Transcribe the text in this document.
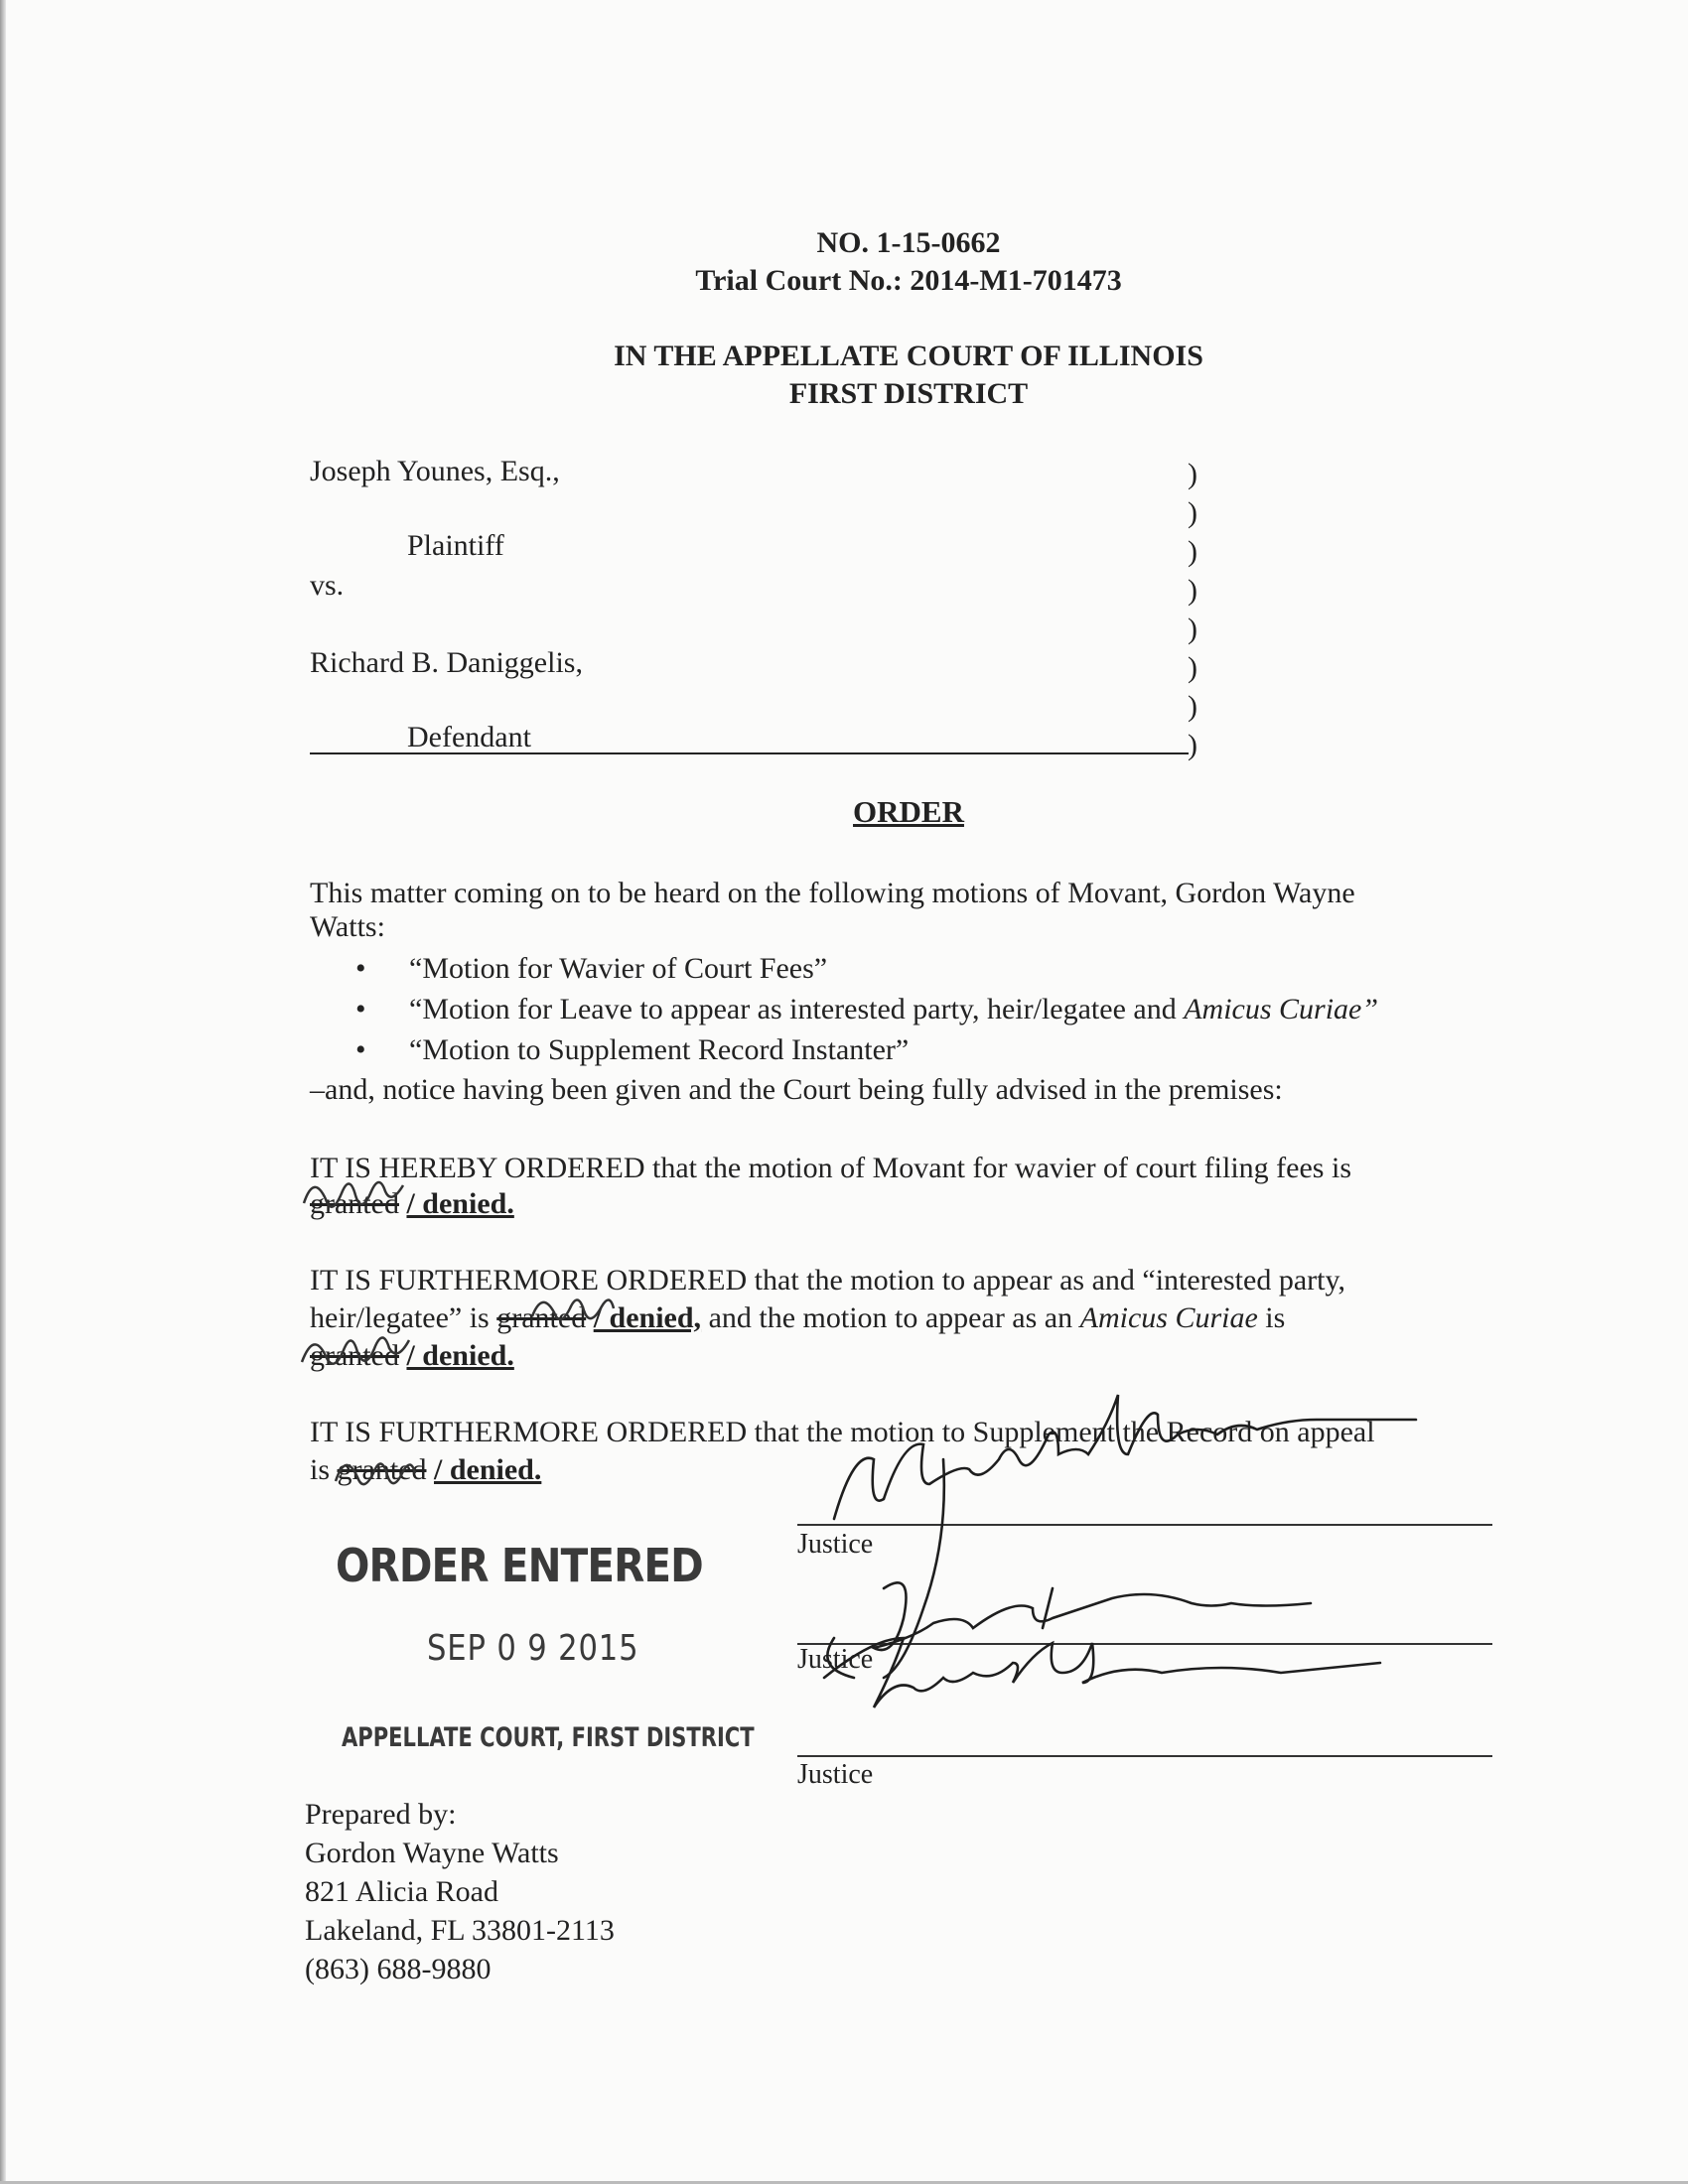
NO. 1-15-0662
Trial Court No.: 2014-M1-701473
IN THE APPELLATE COURT OF ILLINOIS
FIRST DISTRICT
Joseph Younes, Esq.,
Plaintiff
vs.
Richard B. Daniggelis,
Defendant
)
)
)
)
)
)
)
)
ORDER
This matter coming on to be heard on the following motions of Movant, Gordon Wayne
Watts:
• “Motion for Wavier of Court Fees”
• “Motion for Leave to appear as interested party, heir/legatee and Amicus Curiae”
• “Motion to Supplement Record Instanter”
–and, notice having been given and the Court being fully advised in the premises:
IT IS HEREBY ORDERED that the motion of Movant for wavier of court filing fees is
granted / denied.
IT IS FURTHERMORE ORDERED that the motion to appear as and “interested party,
heir/legatee” is granted / denied, and the motion to appear as an Amicus Curiae is
granted / denied.
IT IS FURTHERMORE ORDERED that the motion to Supplement the Record on appeal
is granted / denied.
ORDER ENTERED
SEP 0 9 2015
APPELLATE COURT, FIRST DISTRICT
Justice
Justice
Justice
Prepared by:
Gordon Wayne Watts
821 Alicia Road
Lakeland, FL 33801-2113
(863) 688-9880
